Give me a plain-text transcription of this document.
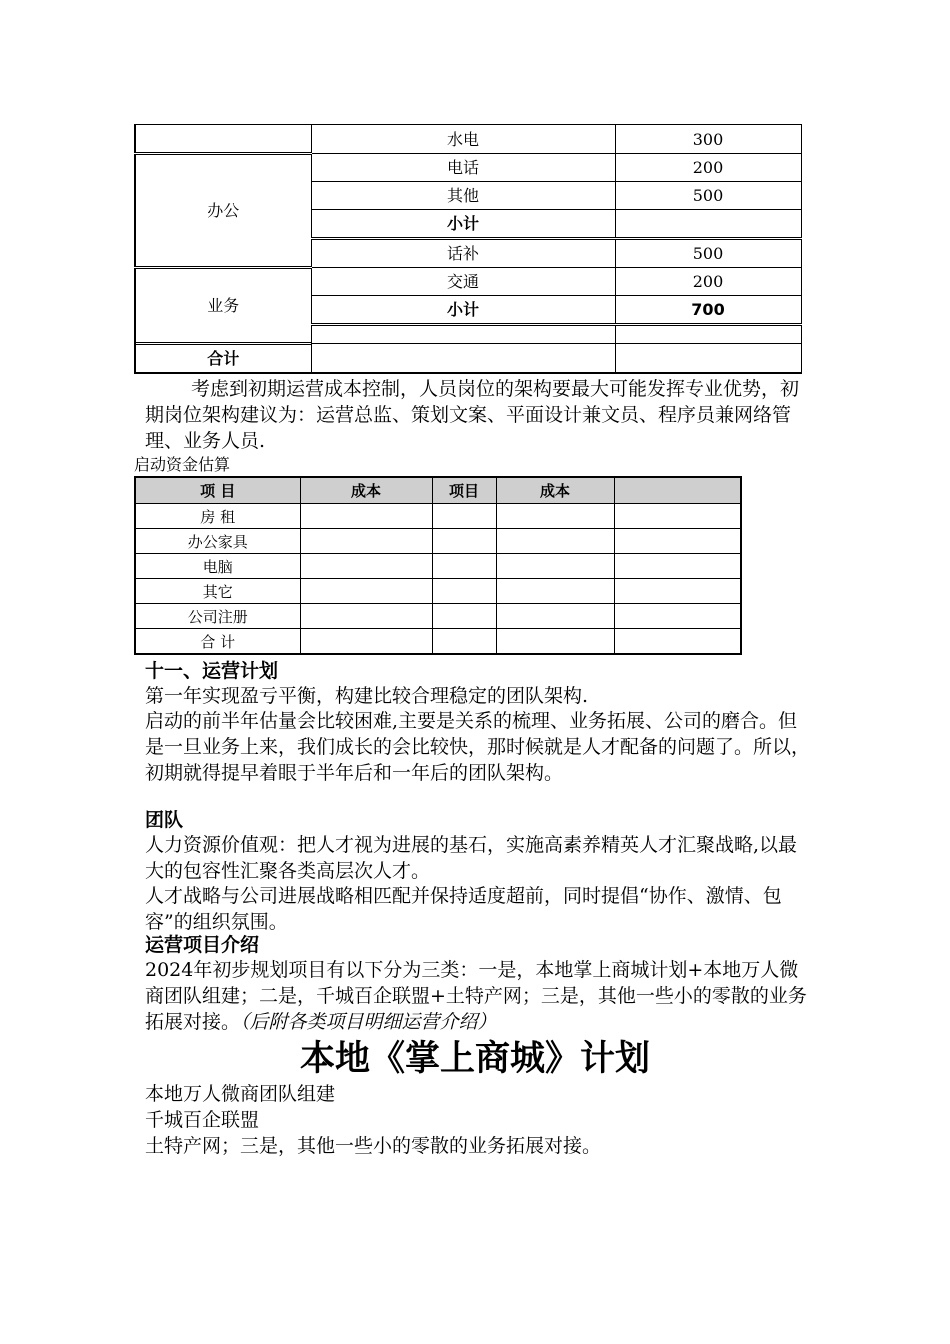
	水电	300
办公	电话	200
	其他	500
	小计	
	话补	500
业务	交通	200
	小计	700

合计		

考虑到初期运营成本控制，人员岗位的架构要最大可能发挥专业优势，初期岗位架构建议为：运营总监、策划文案、平面设计兼文员、程序员兼网络管理、业务人员.

启动资金估算

项 目	成本	项目	成本	
房 租				
办公家具				
电脑				
其它				
公司注册				
合 计				

十一、运营计划

第一年实现盈亏平衡，构建比较合理稳定的团队架构.

启动的前半年估量会比较困难,主要是关系的梳理、业务拓展、公司的磨合。但是一旦业务上来，我们成长的会比较快，那时候就是人才配备的问题了。所以，初期就得提早着眼于半年后和一年后的团队架构。

团队

人力资源价值观：把人才视为进展的基石，实施高素养精英人才汇聚战略,以最大的包容性汇聚各类高层次人才。

人才战略与公司进展战略相匹配并保持适度超前，同时提倡“协作、激情、包容”的组织氛围。

运营项目介绍

2024年初步规划项目有以下分为三类：一是，本地掌上商城计划+本地万人微商团队组建；二是，千城百企联盟+土特产网；三是，其他一些小的零散的业务拓展对接。（后附各类项目明细运营介绍）

本地《掌上商城》计划

本地万人微商团队组建

千城百企联盟

土特产网；三是，其他一些小的零散的业务拓展对接。
